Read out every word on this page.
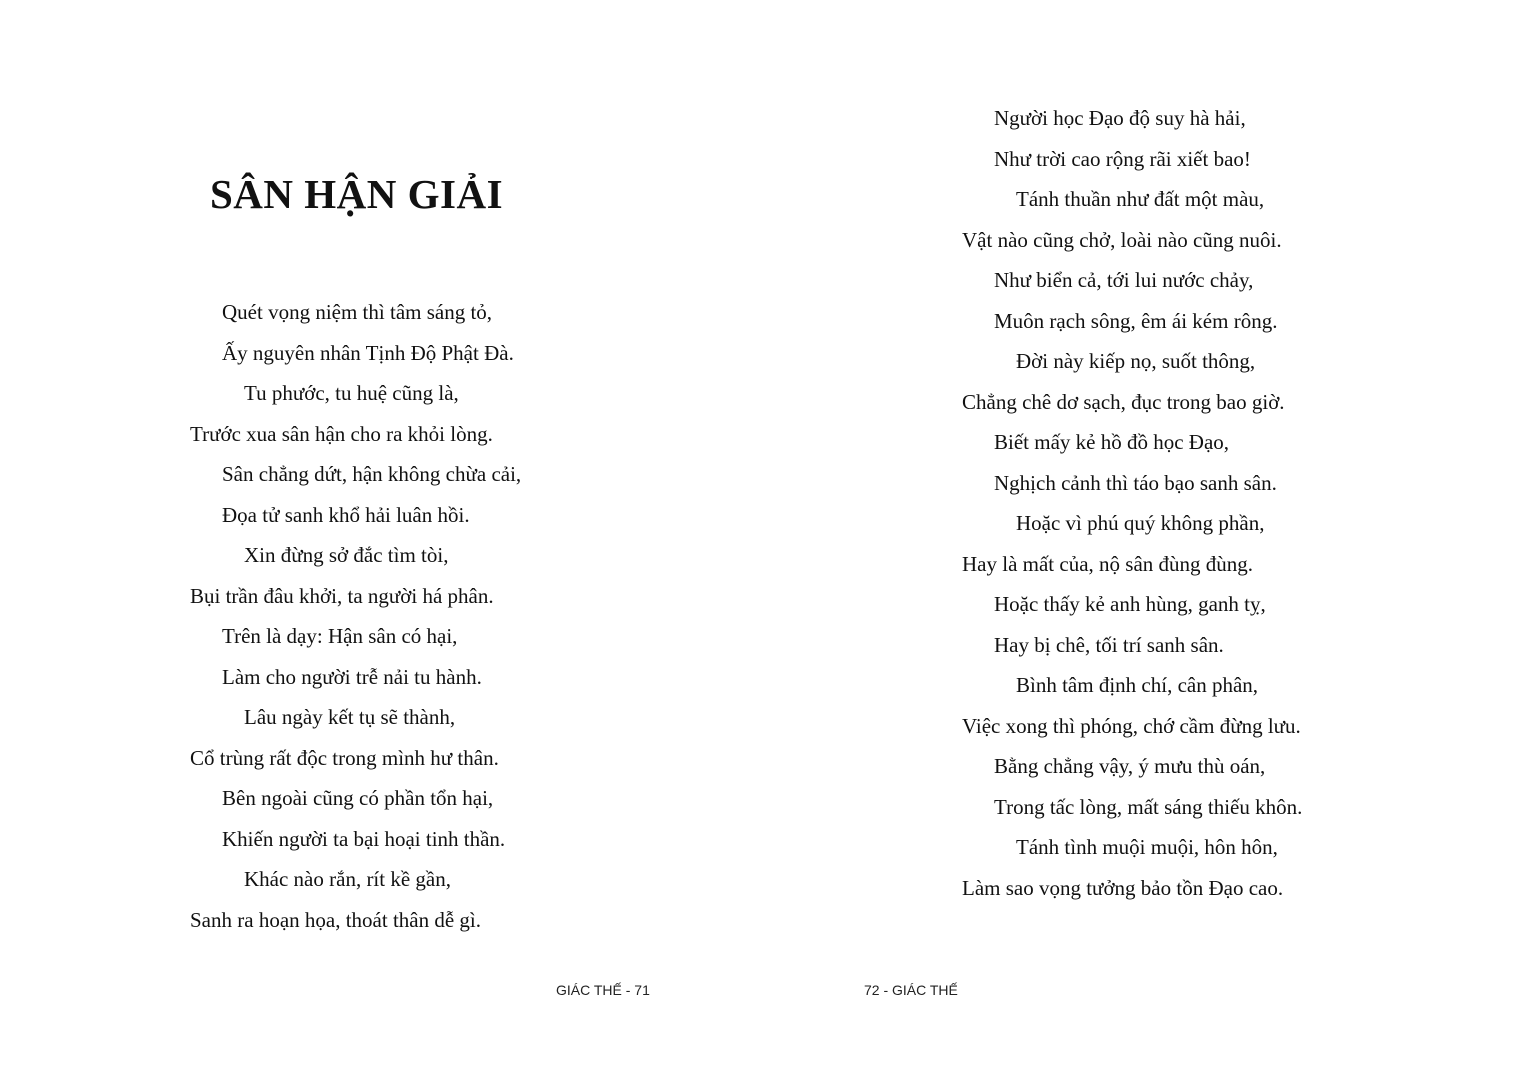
SÂN HẬN GIẢI
Quét vọng niệm thì tâm sáng tỏ,
Ấy nguyên nhân Tịnh Độ Phật Đà.
Tu phước, tu huệ cũng là,
Trước xua sân hận cho ra khỏi lòng.
Sân chẳng dứt, hận không chừa cải,
Đọa tử sanh khổ hải luân hồi.
Xin đừng sở đắc tìm tòi,
Bụi trần đâu khởi, ta người há phân.
Trên là dạy: Hận sân có hại,
Làm cho người trễ nải tu hành.
Lâu ngày kết tụ sẽ thành,
Cổ trùng rất độc trong mình hư thân.
Bên ngoài cũng có phần tổn hại,
Khiến người ta bại hoại tinh thần.
Khác nào rắn, rít kề gần,
Sanh ra hoạn họa, thoát thân dễ gì.
GIÁC THẾ - 71
Người học Đạo độ suy hà hải,
Như trời cao rộng rãi xiết bao!
Tánh thuần như đất một màu,
Vật nào cũng chở, loài nào cũng nuôi.
Như biển cả, tới lui nước chảy,
Muôn rạch sông, êm ái kém rông.
Đời này kiếp nọ, suốt thông,
Chẳng chê dơ sạch, đục trong bao giờ.
Biết mấy kẻ hồ đồ học Đạo,
Nghịch cảnh thì táo bạo sanh sân.
Hoặc vì phú quý không phần,
Hay là mất của, nộ sân đùng đùng.
Hoặc thấy kẻ anh hùng, ganh tỵ,
Hay bị chê, tối trí sanh sân.
Bình tâm định chí, cân phân,
Việc xong thì phóng, chớ cầm đừng lưu.
Bằng chẳng vậy, ý mưu thù oán,
Trong tấc lòng, mất sáng thiếu khôn.
Tánh tình muội muội, hôn hôn,
Làm sao vọng tưởng bảo tồn Đạo cao.
72 - GIÁC THẾ
